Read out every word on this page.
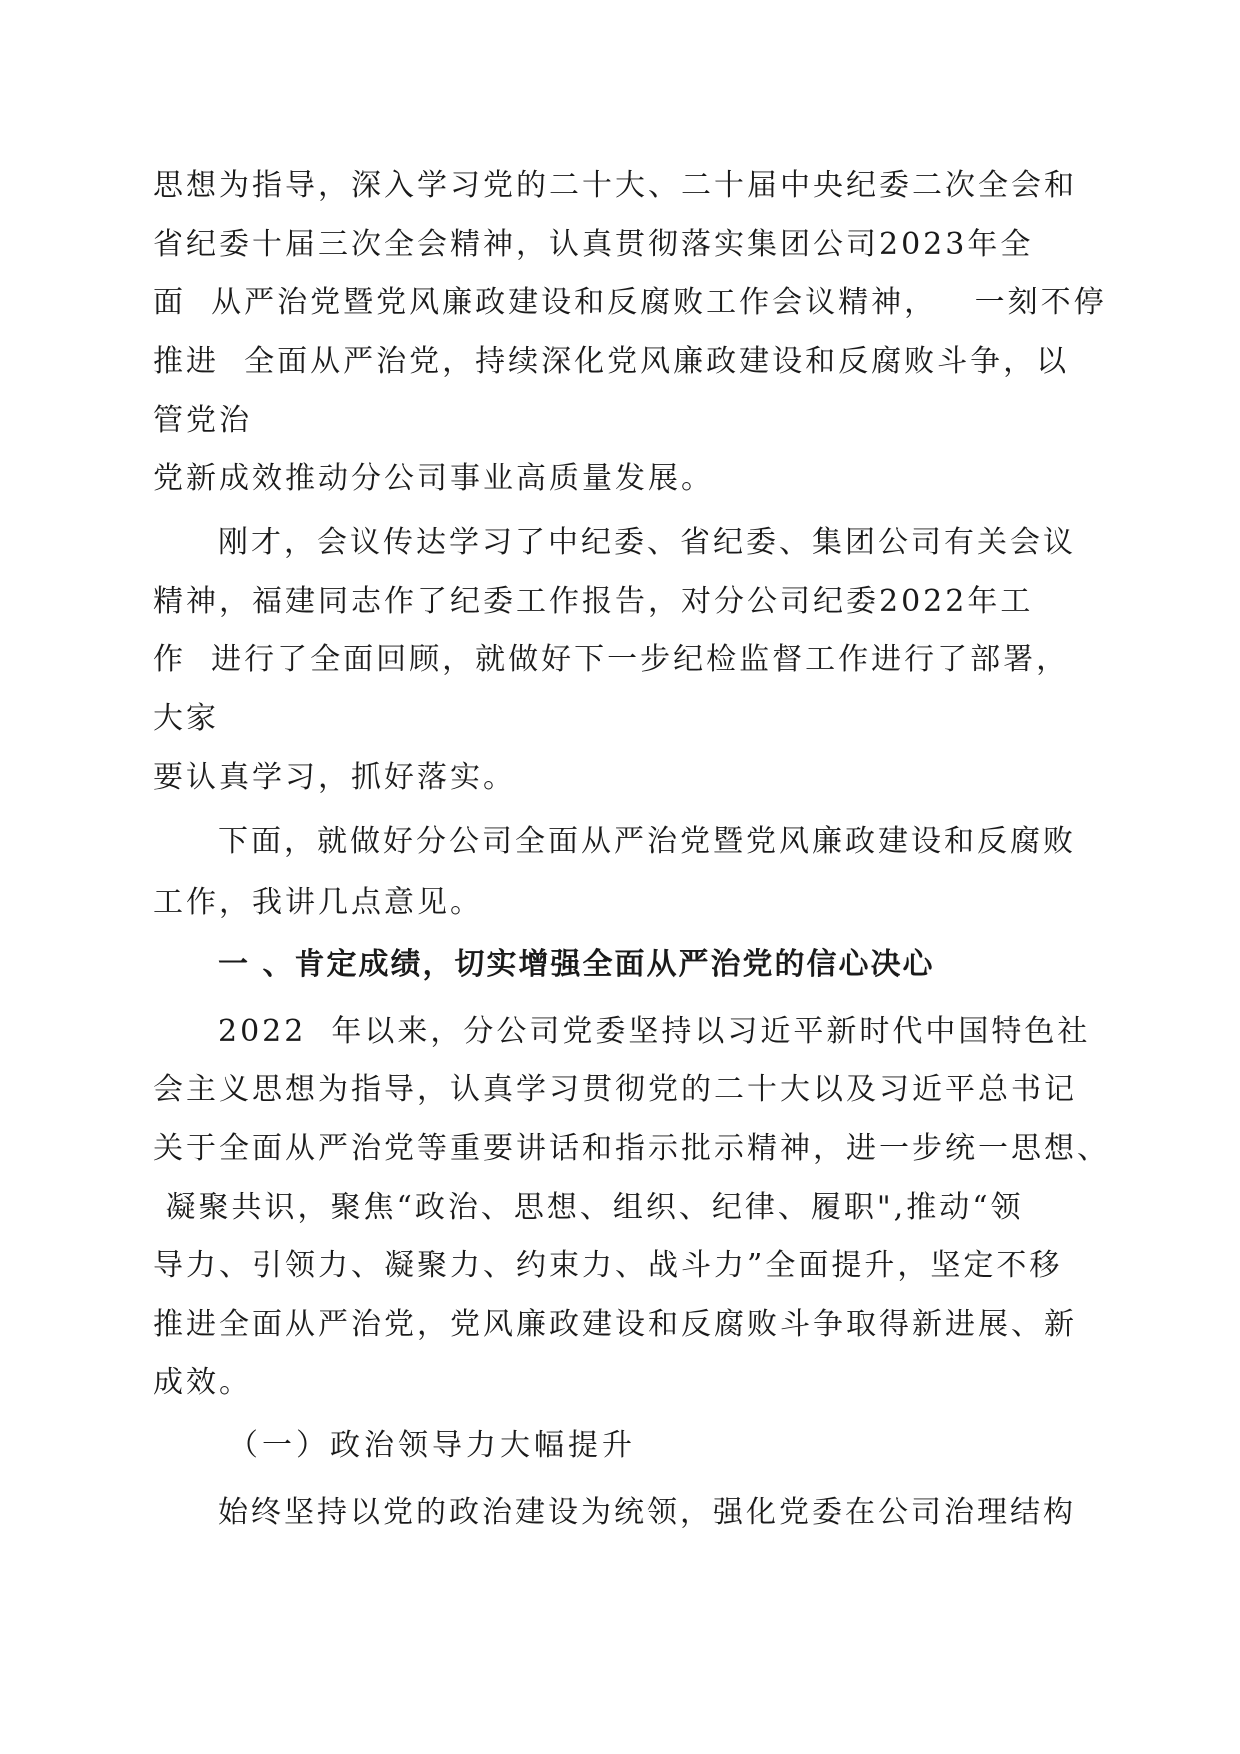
思想为指导，深入学习党的二十大、二十届中央纪委二次全会和
省纪委十届三次全会精神，认真贯彻落实集团公司2023年全
面  从严治党暨党风廉政建设和反腐败工作会议精神，   一刻不停
推进  全面从严治党，持续深化党风廉政建设和反腐败斗争，以
管党治
党新成效推动分公司事业高质量发展。
刚才，会议传达学习了中纪委、省纪委、集团公司有关会议
精神，福建同志作了纪委工作报告，对分公司纪委2022年工
作  进行了全面回顾，就做好下一步纪检监督工作进行了部署，
大家
要认真学习，抓好落实。
下面，就做好分公司全面从严治党暨党风廉政建设和反腐败
工作，我讲几点意见。
一 、肯定成绩，切实增强全面从严治党的信心决心
2022  年以来，分公司党委坚持以习近平新时代中国特色社
会主义思想为指导，认真学习贯彻党的二十大以及习近平总书记
关于全面从严治党等重要讲话和指示批示精神，进一步统一思想、
凝聚共识，聚焦“政治、思想、组织、纪律、履职",推动“领
导力、引领力、凝聚力、约束力、战斗力”全面提升，坚定不移
推进全面从严治党，党风廉政建设和反腐败斗争取得新进展、新
成效。
（一）政治领导力大幅提升
始终坚持以党的政治建设为统领，强化党委在公司治理结构
